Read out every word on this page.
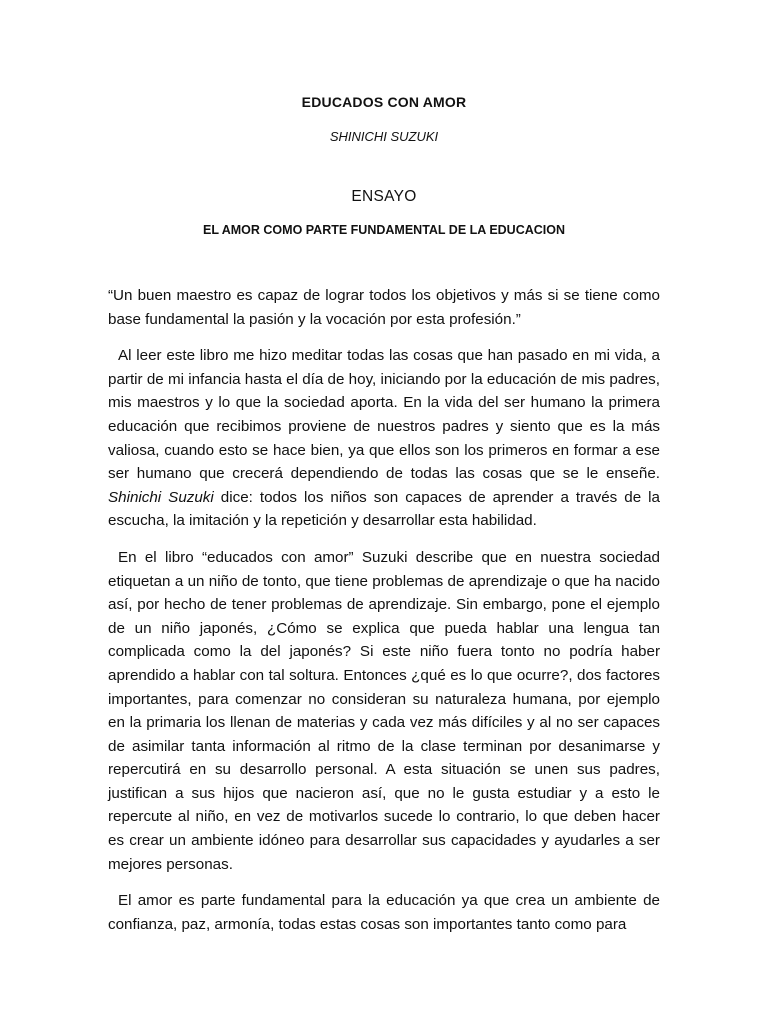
EDUCADOS CON AMOR
SHINICHI SUZUKI
ENSAYO
EL AMOR COMO PARTE FUNDAMENTAL DE LA EDUCACION

“Un buen maestro es capaz de lograr todos los objetivos y más si se tiene como base fundamental la pasión y la vocación por esta profesión.”

Al leer este libro me hizo meditar todas las cosas que han pasado en mi vida, a partir de mi infancia hasta el día de hoy, iniciando por la educación de mis padres, mis maestros y lo que la sociedad aporta. En la vida del ser humano la primera educación que recibimos proviene de nuestros padres y siento que es la más valiosa, cuando esto se hace bien, ya que ellos son los primeros en formar a ese ser humano que crecerá dependiendo de todas las cosas que se le enseñe. Shinichi Suzuki dice: todos los niños son capaces de aprender a través de la escucha, la imitación y la repetición y desarrollar esta habilidad.

En el libro “educados con amor” Suzuki describe que en nuestra sociedad etiquetan a un niño de tonto, que tiene problemas de aprendizaje o que ha nacido así, por hecho de tener problemas de aprendizaje. Sin embargo, pone el ejemplo de un niño japonés, ¿Cómo se explica que pueda hablar una lengua tan complicada como la del japonés? Si este niño fuera tonto no podría haber aprendido a hablar con tal soltura. Entonces ¿qué es lo que ocurre?, dos factores importantes, para comenzar no consideran su naturaleza humana, por ejemplo en la primaria los llenan de materias y cada vez más difíciles y al no ser capaces de asimilar tanta información al ritmo de la clase terminan por desanimarse y repercutirá en su desarrollo personal. A esta situación se unen sus padres, justifican a sus hijos que nacieron así, que no le gusta estudiar y a esto le repercute al niño, en vez de motivarlos sucede lo contrario, lo que deben hacer es crear un ambiente idóneo para desarrollar sus capacidades y ayudarles a ser mejores personas.

El amor es parte fundamental para la educación ya que crea un ambiente de confianza, paz, armonía, todas estas cosas son importantes tanto como para
